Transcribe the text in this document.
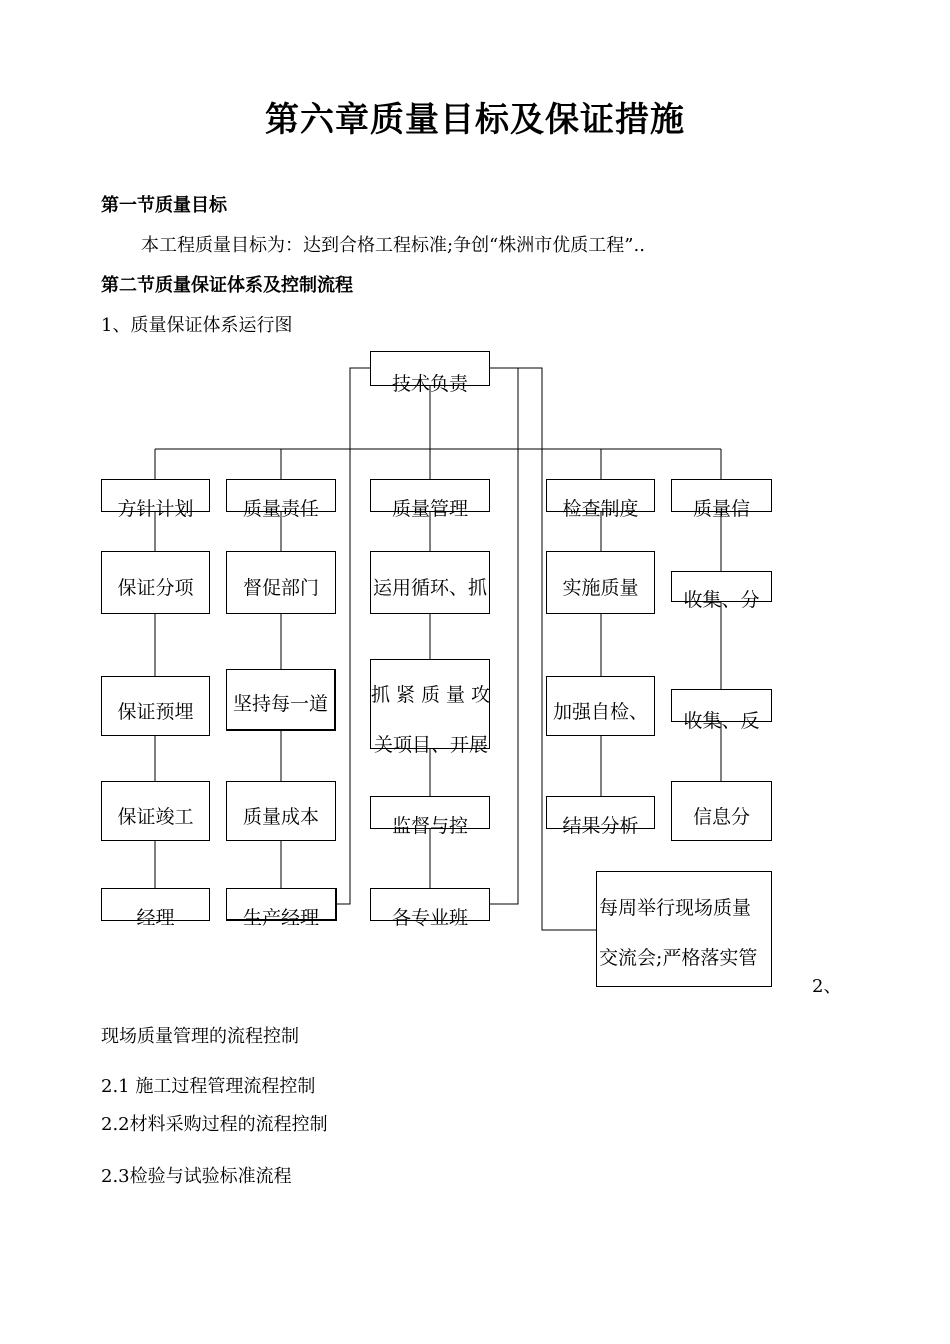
第六章质量目标及保证措施
第一节质量目标
本工程质量目标为：达到合格工程标准;争创“株洲市优质工程”..
第二节质量保证体系及控制流程
1、质量保证体系运行图
技术负责
方针计划
保证分项
保证预埋
保证竣工
经理
质量责任
督促部门
坚持每一道
质量成本
生产经理
质量管理
运用循环、抓
抓紧质量攻
关项目、开展
监督与控
各专业班
检查制度
实施质量
加强自检、
结果分析
每周举行现场质量
交流会;严格落实管
质量信
收集、分
收集、反
信息分
2、
现场质量管理的流程控制
2.1 施工过程管理流程控制
2.2材料采购过程的流程控制
2.3检验与试验标准流程
